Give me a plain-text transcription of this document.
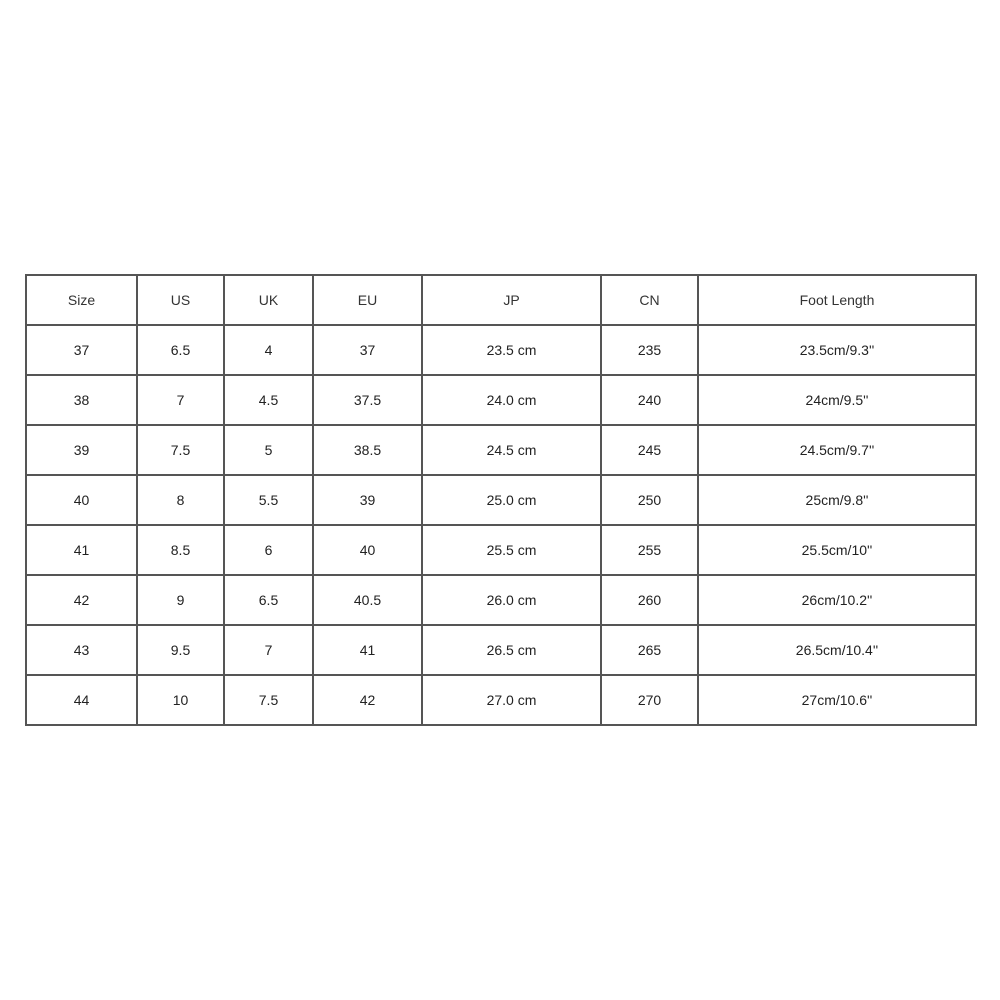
Size	US	UK	EU	JP	CN	Foot Length
37	6.5	4	37	23.5 cm	235	23.5cm/9.3''
38	7	4.5	37.5	24.0 cm	240	24cm/9.5''
39	7.5	5	38.5	24.5 cm	245	24.5cm/9.7''
40	8	5.5	39	25.0 cm	250	25cm/9.8''
41	8.5	6	40	25.5 cm	255	25.5cm/10''
42	9	6.5	40.5	26.0 cm	260	26cm/10.2''
43	9.5	7	41	26.5 cm	265	26.5cm/10.4''
44	10	7.5	42	27.0 cm	270	27cm/10.6''
